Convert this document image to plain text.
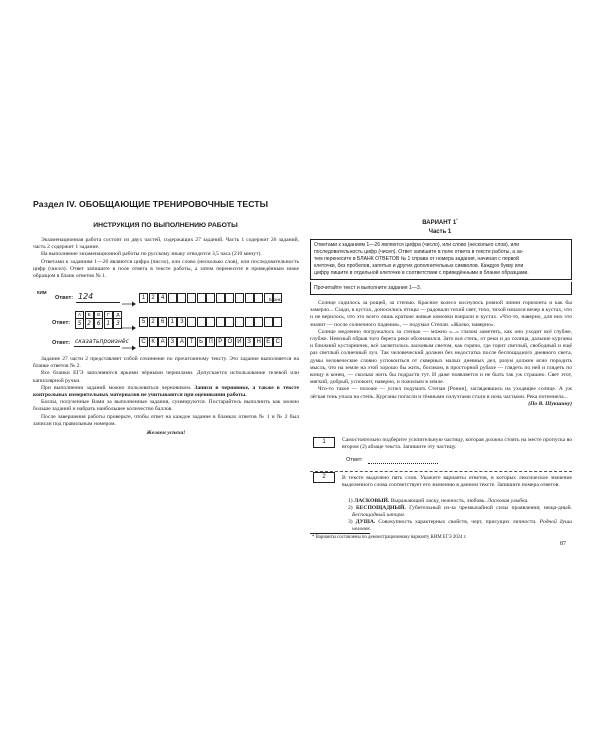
Раздел IV. ОБОБЩАЮЩИЕ ТРЕНИРОВОЧНЫЕ ТЕСТЫ
ИНСТРУКЦИЯ ПО ВЫПОЛНЕНИЮ РАБОТЫ

Экзаменационная работа состоит из двух частей, содержащих 27 заданий. Часть 1 содержит 26 заданий, часть 2 содержит 1 задание.

На выполнение экзаменационной работы по русскому языку отводится 3,5 часа (210 минут).

Ответами к заданиям 1—26 являются цифра (число), или слово (несколько слов), или последовательность цифр (чисел). Ответ запишите в поле ответа в тексте работы, а затем перенесите в приведённым ниже образцом в бланк ответов № 1.

КИМ
Ответ: 124	1 2 4	Бланк
Ответ:
А Б В Г Д
5 2 6 1 3	5 2 6 1 3
Ответ: сказатьпроизнёс	С К А З А Т Ь П Р О И З Н Ё С

Задание 27 части 2 представляет собой сочинение по прочитанному тексту. Это задание выполняется на бланке ответов № 2.

Все бланки ЕГЭ заполняются яркими чёрными чернилами. Допускается использование гелевой или капиллярной ручки.

При выполнении заданий можно пользоваться черновиком. Записи в черновике, а также в тексте контрольных измерительных материалов не учитываются при оценивании работы.

Баллы, полученные Вами за выполненные задания, суммируются. Постарайтесь выполнить как можно больше заданий и набрать наибольшее количество баллов.

После завершения работы проверьте, чтобы ответ на каждое задание в бланках ответов № 1 и № 2 был записан под правильным номером.

Желаем успеха!

ВАРИАНТ 1*
Часть 1
Ответами к заданиям 1—26 являются цифра (число), или слово (несколько слов), или
последовательность цифр (чисел). Ответ запишите в поле ответа в тексте работы, а за-
тем перенесите в БЛАНК ОТВЕТОВ № 1 справа от номера задания, начиная с первой
клеточки, без пробелов, запятых и других дополнительных символов. Каждую букву или
цифру пишите в отдельной клеточке в соответствии с приведёнными в бланке образцами.
Прочитайте текст и выполните задания 1—3.

Солнце садилось за рощей, за степью. Красное колесо коснулось ровной линии горизонта и как бы замерло... Сзади, в кустах, доносились птицы — радовали тихий свет, тихо, тихой начался вечер в кустах, что и не верилось, что это всего лишь краткие живые комочки взирали и кустах. «Что-то, наверно, для них это значит — после солнечного падения», — подумал Степан. «Жалко, наверно».

Солнце медленно погружалось за степью — можно «...» глазом заметить, как оно уходит всё глубже, глубже. Неясный обрыв того берега реки обозначился. Зато вся степь, от реки и до солнца, дальние курганы и ближний кустарничек, всё засветилось ласковым светом, как горячо, где горит светлый, свободный и ещё раз светлый солнечный луч. Так человеческий должен без недостатка после беспощадного дневного света, думы человеческие словно успокоиться от скверных малых дневных дел, разум должен ясно породить мысль, что на земле на этой хорошо бы жить, босиком, в просторной рубахе — глядеть по ней и глядеть по концу в конец, — сколько жить бы подрасти тут. И даже появляется и не быть так уж страшно. Свет этот, мягкий, добрый, успокоит, наверно, и пожилым в земле.

Что-то такое — похоже — успел подумать Степан [Ронин], заглядевшись на уходящее солнце. А уж лёгкая тень упала на степь. Курганы погасли и тёмными силуэтами стали в ночь частыми. Река потемнела...

(По В. Шукшину)

1	Самостоятельно подберите усилительную частицу, которая должна стоять на месте пропуска во втором (2) абзаце текста. Запишите эту частицу.

Ответ:
2	В тексте выделено пять слов. Укажите варианты ответов, в которых лексическое значение выделенного слова соответствует его значению в данном тексте. Запишите номера ответов.

1) ЛАСКОВЫЙ. Выражающий ласку, нежность, любовь. Ласковая улыбка.

2) БЕСПОЩАДНЫЙ. Губительный из-за чрезвычайной силы проявления; неща-дный. Беспощадный шторм.

3) ДУША. Совокупность характерных свойств, черт, присущих личности. Родной души человек.

* Варианты составлены по демонстрационному варианту КИМ ЕГЭ 2024 г.
87
